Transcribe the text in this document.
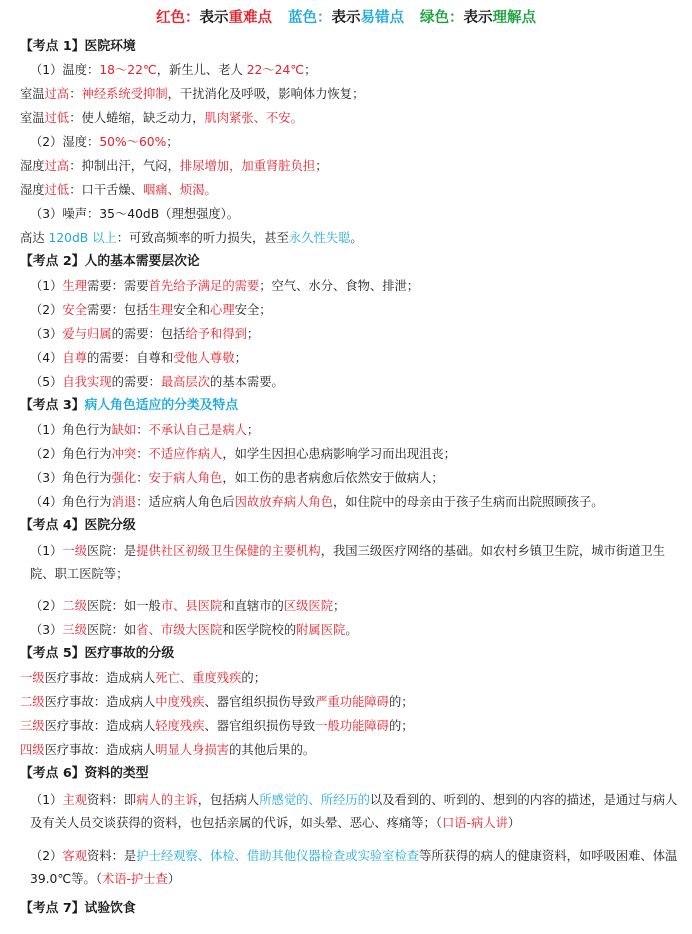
红色：表示重难点 蓝色：表示易错点 绿色：表示理解点
【考点 1】医院环境
（1）温度：18～22℃，新生儿、老人 22～24℃；
室温过高：神经系统受抑制，干扰消化及呼吸，影响体力恢复；
室温过低：使人蜷缩，缺乏动力，肌肉紧张、不安。
（2）湿度：50%～60%；
湿度过高：抑制出汗，气闷，排尿增加，加重肾脏负担；
湿度过低：口干舌燥、咽痛、烦渴。
（3）噪声：35～40dB（理想强度）。
高达 120dB 以上：可致高频率的听力损失，甚至永久性失聪。
【考点 2】人的基本需要层次论
（1）生理需要：需要首先给予满足的需要；空气、水分、食物、排泄；
（2）安全需要：包括生理安全和心理安全；
（3）爱与归属的需要：包括给予和得到；
（4）自尊的需要：自尊和受他人尊敬；
（5）自我实现的需要：最高层次的基本需要。
【考点 3】病人角色适应的分类及特点
（1）角色行为缺如：不承认自己是病人；
（2）角色行为冲突：不适应作病人，如学生因担心患病影响学习而出现沮丧；
（3）角色行为强化：安于病人角色，如工伤的患者病愈后依然安于做病人；
（4）角色行为消退：适应病人角色后因故放弃病人角色，如住院中的母亲由于孩子生病而出院照顾孩子。
【考点 4】医院分级
（1）一级医院：是提供社区初级卫生保健的主要机构，我国三级医疗网络的基础。如农村乡镇卫生院，城市街道卫生院、职工医院等；
（2）二级医院：如一般市、县医院和直辖市的区级医院；
（3）三级医院：如省、市级大医院和医学院校的附属医院。
【考点 5】医疗事故的分级
一级医疗事故：造成病人死亡、重度残疾的；
二级医疗事故：造成病人中度残疾、器官组织损伤导致严重功能障碍的；
三级医疗事故：造成病人轻度残疾、器官组织损伤导致一般功能障碍的；
四级医疗事故：造成病人明显人身损害的其他后果的。
【考点 6】资料的类型
（1）主观资料：即病人的主诉，包括病人所感觉的、所经历的以及看到的、听到的、想到的内容的描述，是通过与病人及有关人员交谈获得的资料，也包括亲属的代诉，如头晕、恶心、疼痛等；（口语-病人讲）
（2）客观资料：是护士经观察、体检、借助其他仪器检查或实验室检查等所获得的病人的健康资料，如呼吸困难、体温 39.0℃等。（术语-护士查）
【考点 7】试验饮食
